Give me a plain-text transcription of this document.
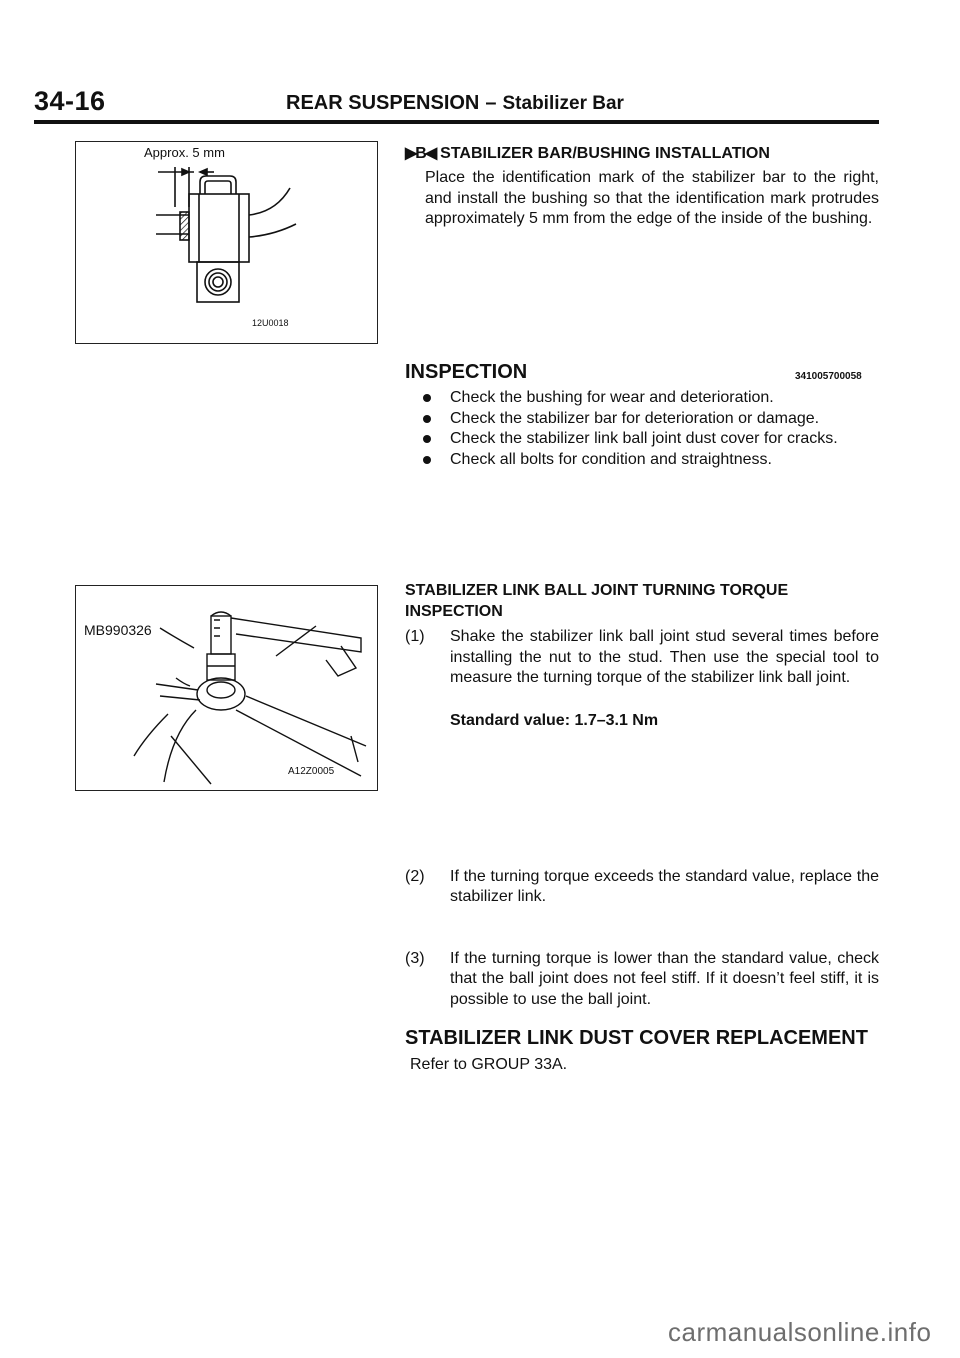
34-16	REAR SUSPENSION – Stabilizer Bar
Approx. 5 mm
12U0018
▶B◀ STABILIZER BAR/BUSHING INSTALLATION
Place the identification mark of the stabilizer bar to the right, and install the bushing so that the identification mark protrudes approximately 5 mm from the edge of the inside of the bushing.
INSPECTION	341005700058
Check the bushing for wear and deterioration.
Check the stabilizer bar for deterioration or damage.
Check the stabilizer link ball joint dust cover for cracks.
Check all bolts for condition and straightness.
MB990326
A12Z0005
STABILIZER LINK BALL JOINT TURNING TORQUE
INSPECTION
(1) Shake the stabilizer link ball joint stud several times before installing the nut to the stud. Then use the special tool to measure the turning torque of the stabilizer link ball joint.
Standard value: 1.7–3.1 Nm
(2) If the turning torque exceeds the standard value, replace the stabilizer link.
(3) If the turning torque is lower than the standard value, check that the ball joint does not feel stiff. If it doesn’t feel stiff, it is possible to use the ball joint.
STABILIZER LINK DUST COVER REPLACEMENT
Refer to GROUP 33A.
carmanualsonline.info
